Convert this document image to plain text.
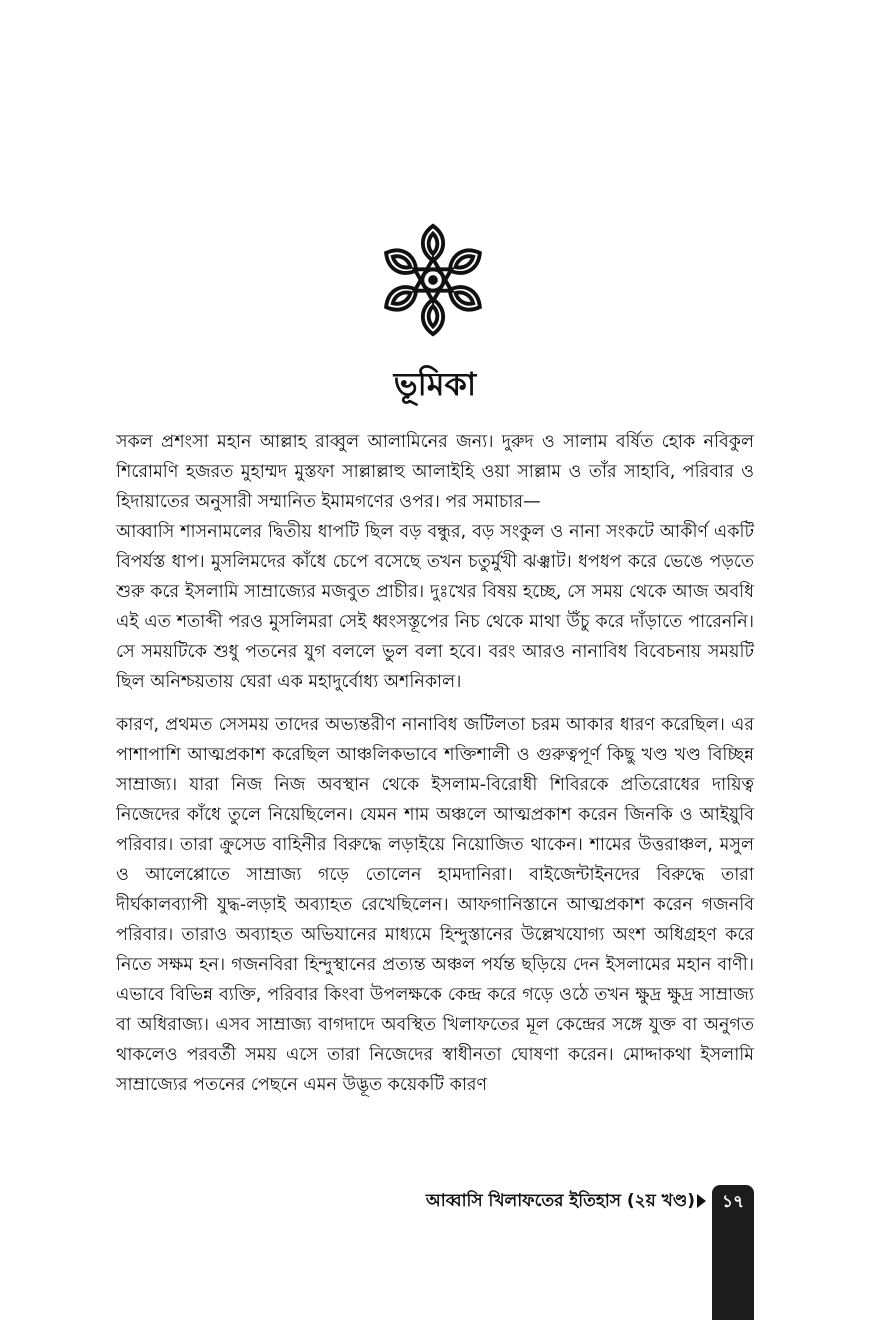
ভূমিকা

সকল প্রশংসা মহান আল্লাহ রাব্বুল আলামিনের জন্য। দুরুদ ও সালাম বর্ষিত হোক নবিকুল শিরোমণি হজরত মুহাম্মদ মুস্তফা সাল্লাল্লাহু আলাইহি ওয়া সাল্লাম ও তাঁর সাহাবি, পরিবার ও হিদায়াতের অনুসারী সম্মানিত ইমামগণের ওপর। পর সমাচার—

আব্বাসি শাসনামলের দ্বিতীয় ধাপটি ছিল বড় বন্ধুর, বড় সংকুল ও নানা সংকটে আকীর্ণ একটি বিপর্যস্ত ধাপ। মুসলিমদের কাঁধে চেপে বসেছে তখন চতুর্মুখী ঝঞ্ঝাট। ধপধপ করে ভেঙে পড়তে শুরু করে ইসলামি সাম্রাজ্যের মজবুত প্রাচীর। দুঃখের বিষয় হচ্ছে, সে সময় থেকে আজ অবধি এই এত শতাব্দী পরও মুসলিমরা সেই ধ্বংসস্তূপের নিচ থেকে মাথা উঁচু করে দাঁড়াতে পারেননি। সে সময়টিকে শুধু পতনের যুগ বললে ভুল বলা হবে। বরং আরও নানাবিধ বিবেচনায় সময়টি ছিল অনিশ্চয়তায় ঘেরা এক মহাদুর্বোধ্য অশনিকাল।

কারণ, প্রথমত সেসময় তাদের অভ্যন্তরীণ নানাবিধ জটিলতা চরম আকার ধারণ করেছিল। এর পাশাপাশি আত্মপ্রকাশ করেছিল আঞ্চলিকভাবে শক্তিশালী ও গুরুত্বপূর্ণ কিছু খণ্ড খণ্ড বিচ্ছিন্ন সাম্রাজ্য। যারা নিজ নিজ অবস্থান থেকে ইসলাম-বিরোধী শিবিরকে প্রতিরোধের দায়িত্ব নিজেদের কাঁধে তুলে নিয়েছিলেন। যেমন শাম অঞ্চলে আত্মপ্রকাশ করেন জিনকি ও আইয়ুবি পরিবার। তারা ক্রুসেড বাহিনীর বিরুদ্ধে লড়াইয়ে নিয়োজিত থাকেন। শামের উত্তরাঞ্চল, মসুল ও আলেপ্পোতে সাম্রাজ্য গড়ে তোলেন হামদানিরা। বাইজেন্টাইনদের বিরুদ্ধে তারা দীর্ঘকালব্যাপী যুদ্ধ-লড়াই অব্যাহত রেখেছিলেন। আফগানিস্তানে আত্মপ্রকাশ করেন গজনবি পরিবার। তারাও অব্যাহত অভিযানের মাধ্যমে হিন্দুস্তানের উল্লেখযোগ্য অংশ অধিগ্রহণ করে নিতে সক্ষম হন। গজনবিরা হিন্দুস্থানের প্রত্যন্ত অঞ্চল পর্যন্ত ছড়িয়ে দেন ইসলামের মহান বাণী। এভাবে বিভিন্ন ব্যক্তি, পরিবার কিংবা উপলক্ষকে কেন্দ্র করে গড়ে ওঠে তখন ক্ষুদ্র ক্ষুদ্র সাম্রাজ্য বা অধিরাজ্য। এসব সাম্রাজ্য বাগদাদে অবস্থিত খিলাফতের মূল কেন্দ্রের সঙ্গে যুক্ত বা অনুগত থাকলেও পরবর্তী সময় এসে তারা নিজেদের স্বাধীনতা ঘোষণা করেন। মোদ্দাকথা ইসলামি সাম্রাজ্যের পতনের পেছনে এমন উদ্ভূত কয়েকটি কারণ

আব্বাসি খিলাফতের ইতিহাস (২য় খণ্ড)	১৭
